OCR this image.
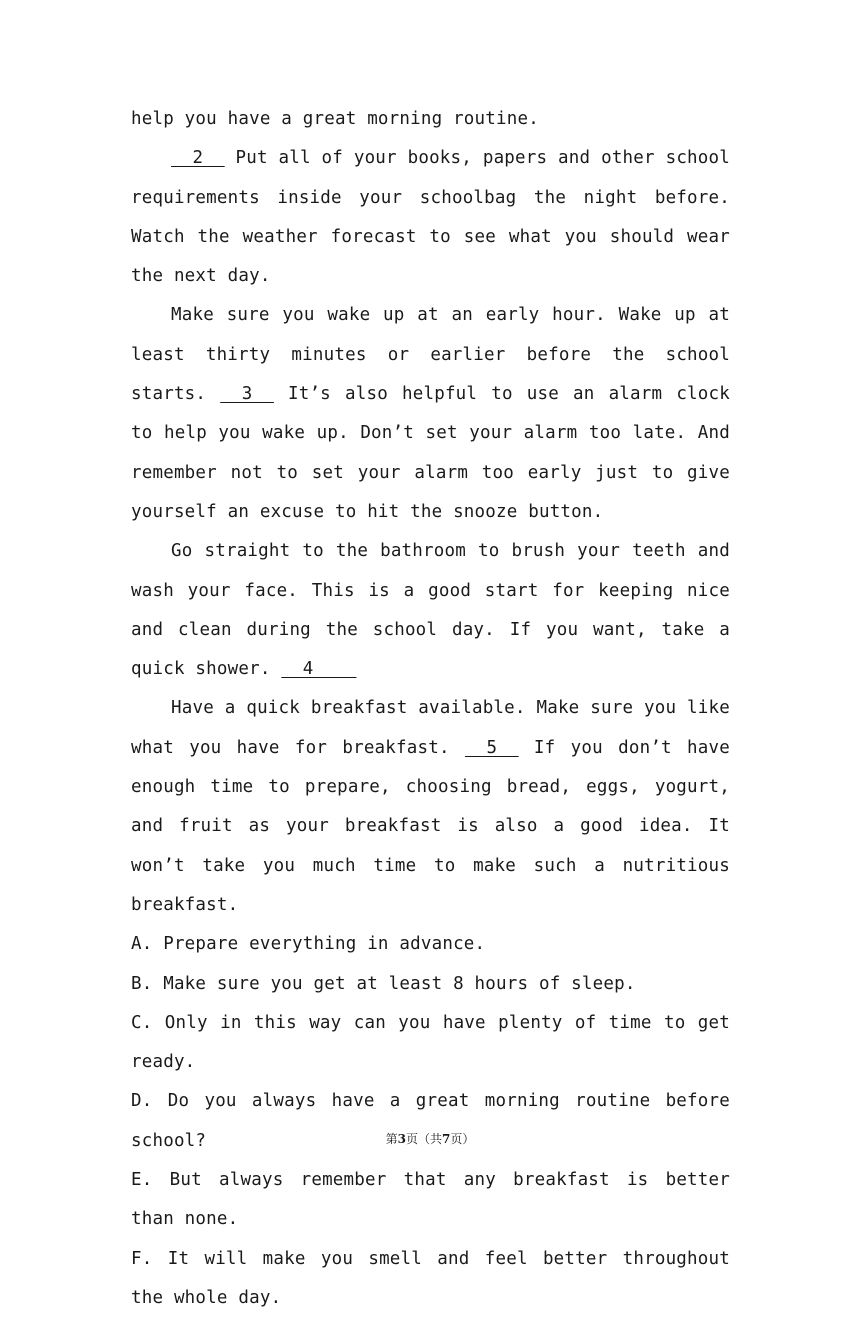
help you have a great morning routine.

2   Put all of your books, papers and other school requirements inside your schoolbag the night before. Watch the weather forecast to see what you should wear the next day.

Make sure you wake up at an early hour. Wake up at least thirty minutes or earlier before the school starts.   3   It’s also helpful to use an alarm clock to help you wake up. Don’t set your alarm too late. And remember not to set your alarm too early just to give yourself an excuse to hit the snooze button.

Go straight to the bathroom to brush your teeth and wash your face. This is a good start for keeping nice and clean during the school day. If you want, take a quick shower.   4

Have a quick breakfast available. Make sure you like what you have for breakfast.   5   If you don’t have enough time to prepare, choosing bread, eggs, yogurt, and fruit as your breakfast is also a good idea. It won’t take you much time to make such a nutritious breakfast.

A. Prepare everything in advance.

B. Make sure you get at least 8 hours of sleep.

C. Only in this way can you have plenty of time to get ready.

D. Do you always have a great morning routine before school?

E. But always remember that any breakfast is better than none.

F. It will make you smell and feel better throughout the whole day.

第3页（共7页）
